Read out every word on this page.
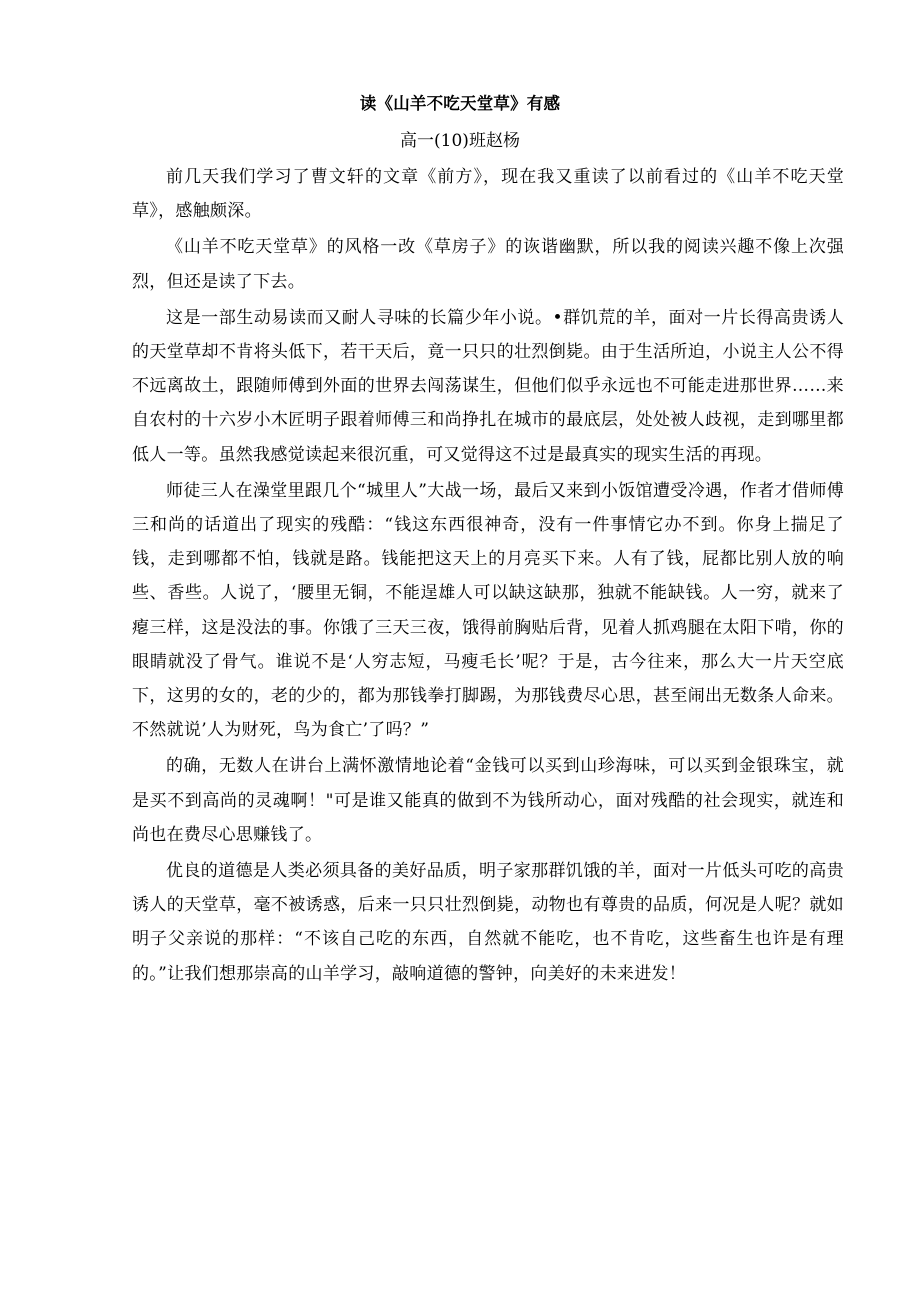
读《山羊不吃天堂草》有感
高一(10)班赵杨

前几天我们学习了曹文轩的文章《前方》，现在我又重读了以前看过的《山羊不吃天堂草》，感触颇深。

《山羊不吃天堂草》的风格一改《草房子》的诙谐幽默，所以我的阅读兴趣不像上次强烈，但还是读了下去。

这是一部生动易读而又耐人寻味的长篇少年小说。•群饥荒的羊，面对一片长得高贵诱人的天堂草却不肯将头低下，若干天后，竟一只只的壮烈倒毙。由于生活所迫，小说主人公不得不远离故土，跟随师傅到外面的世界去闯荡谋生，但他们似乎永远也不可能走进那世界……来自农村的十六岁小木匠明子跟着师傅三和尚挣扎在城市的最底层，处处被人歧视，走到哪里都低人一等。虽然我感觉读起来很沉重，可又觉得这不过是最真实的现实生活的再现。

师徒三人在澡堂里跟几个“城里人”大战一场，最后又来到小饭馆遭受冷遇，作者才借师傅三和尚的话道出了现实的残酷：“钱这东西很神奇，没有一件事情它办不到。你身上揣足了钱，走到哪都不怕，钱就是路。钱能把这天上的月亮买下来。人有了钱，屁都比别人放的响些、香些。人说了，‘腰里无铜，不能逞雄人可以缺这缺那，独就不能缺钱。人一穷，就来了瘪三样，这是没法的事。你饿了三天三夜，饿得前胸贴后背，见着人抓鸡腿在太阳下啃，你的眼睛就没了骨气。谁说不是‘人穷志短，马瘦毛长’呢？于是，古今往来，那么大一片天空底下，这男的女的，老的少的，都为那钱拳打脚踢，为那钱费尽心思，甚至闹出无数条人命来。不然就说’人为财死，鸟为食亡’了吗？”

的确，无数人在讲台上满怀激情地论着“金钱可以买到山珍海味，可以买到金银珠宝，就是买不到高尚的灵魂啊！"可是谁又能真的做到不为钱所动心，面对残酷的社会现实，就连和尚也在费尽心思赚钱了。

优良的道德是人类必须具备的美好品质，明子家那群饥饿的羊，面对一片低头可吃的高贵诱人的天堂草，毫不被诱惑，后来一只只壮烈倒毙，动物也有尊贵的品质，何况是人呢？就如明子父亲说的那样：“不该自己吃的东西，自然就不能吃，也不肯吃，这些畜生也许是有理的。”让我们想那崇高的山羊学习，敲响道德的警钟，向美好的未来进发！
